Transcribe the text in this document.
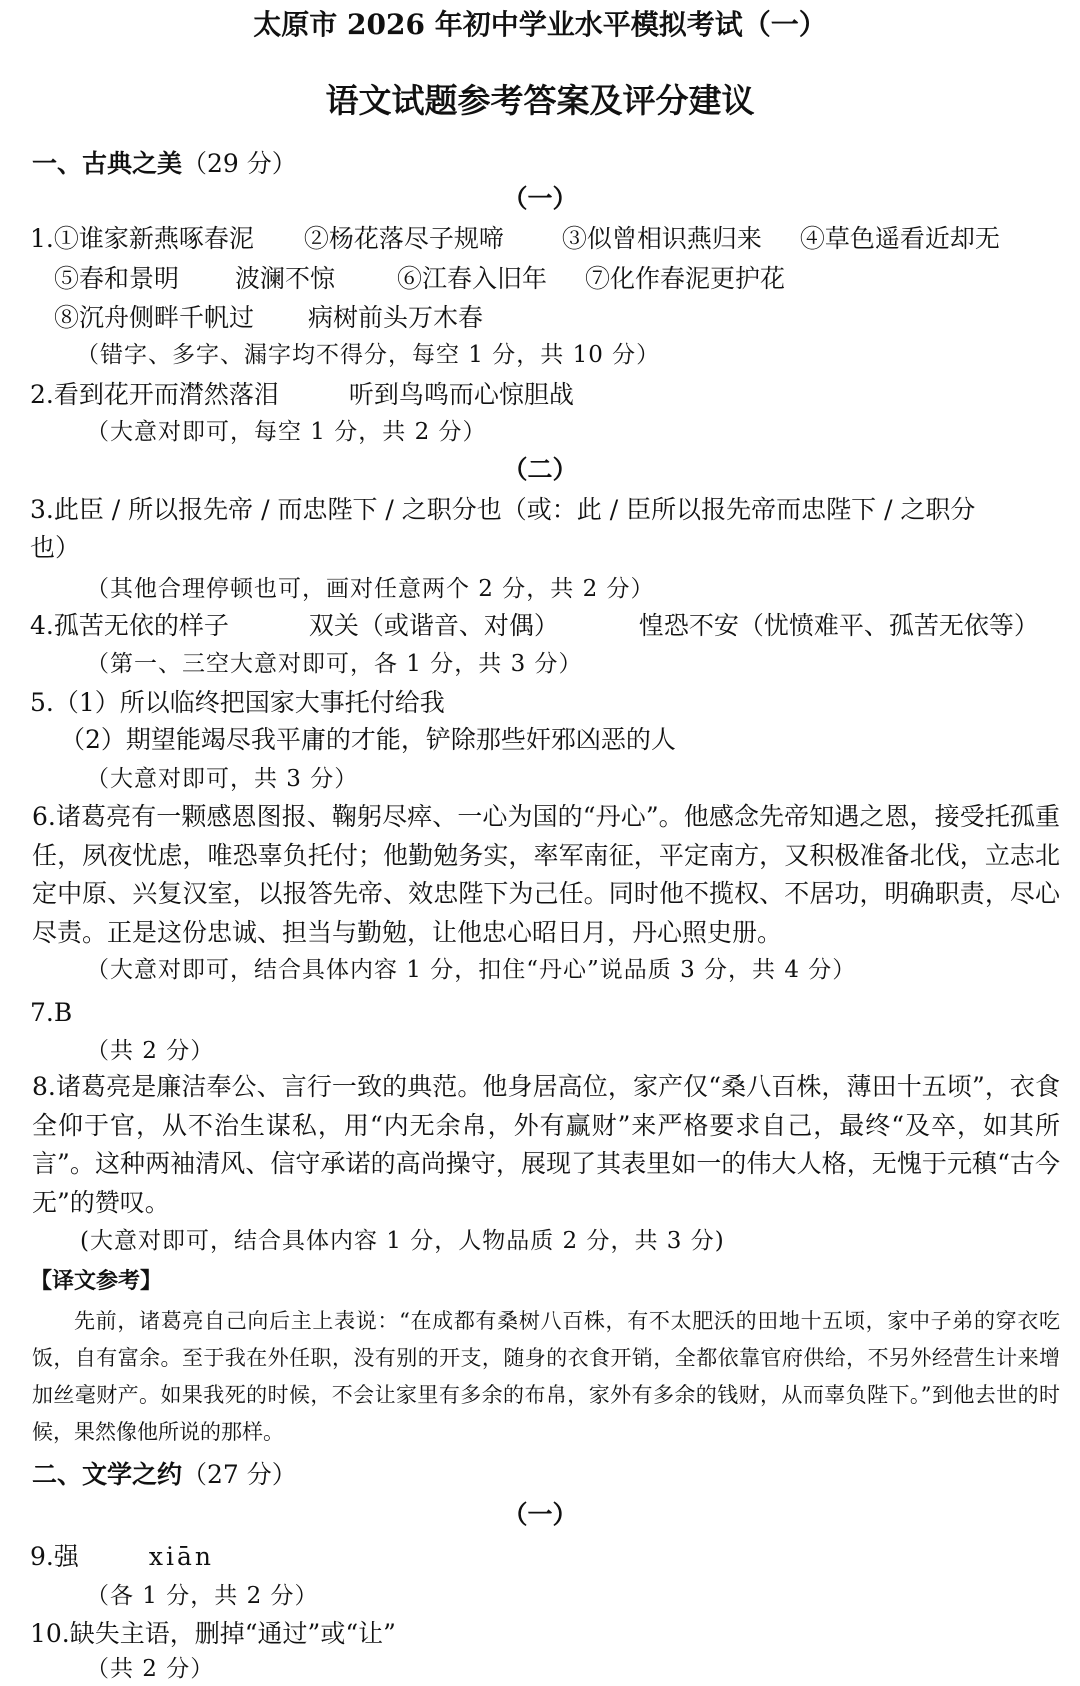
太原市 2026 年初中学业水平模拟考试（一）
语文试题参考答案及评分建议
一、古典之美（29 分）
（一）
1.①谁家新燕啄春泥 ②杨花落尽子规啼 ③似曾相识燕归来 ④草色遥看近却无
⑤春和景明 波澜不惊 ⑥江春入旧年 ⑦化作春泥更护花
⑧沉舟侧畔千帆过 病树前头万木春
（错字、多字、漏字均不得分，每空 1 分，共 10 分）
2.看到花开而潸然落泪	听到鸟鸣而心惊胆战
（大意对即可，每空 1 分，共 2 分）
（二）
3.此臣 / 所以报先帝 / 而忠陛下 / 之职分也（或：此 / 臣所以报先帝而忠陛下 / 之职分
也）
（其他合理停顿也可，画对任意两个 2 分，共 2 分）
4.孤苦无依的样子	双关（或谐音、对偶）	惶恐不安（忧愤难平、孤苦无依等）
（第一、三空大意对即可，各 1 分，共 3 分）
5.（1）所以临终把国家大事托付给我
（2）期望能竭尽我平庸的才能，铲除那些奸邪凶恶的人
（大意对即可，共 3 分）
6.诸葛亮有一颗感恩图报、鞠躬尽瘁、一心为国的“丹心”。他感念先帝知遇之恩，接受托孤重任，夙夜忧虑，唯恐辜负托付；他勤勉务实，率军南征，平定南方，又积极准备北伐，立志北定中原、兴复汉室，以报答先帝、效忠陛下为己任。同时他不揽权、不居功，明确职责，尽心尽责。正是这份忠诚、担当与勤勉，让他忠心昭日月，丹心照史册。
（大意对即可，结合具体内容 1 分，扣住“丹心”说品质 3 分，共 4 分）
7.B
（共 2 分）
8.诸葛亮是廉洁奉公、言行一致的典范。他身居高位，家产仅“桑八百株，薄田十五顷”，衣食全仰于官，从不治生谋私，用“内无余帛，外有赢财”来严格要求自己，最终“及卒，如其所言”。这种两袖清风、信守承诺的高尚操守，展现了其表里如一的伟大人格，无愧于元稹“古今无”的赞叹。
(大意对即可，结合具体内容 1 分，人物品质 2 分，共 3 分)
【译文参考】
先前，诸葛亮自己向后主上表说：“在成都有桑树八百株，有不太肥沃的田地十五顷，家中子弟的穿衣吃饭，自有富余。至于我在外任职，没有别的开支，随身的衣食开销，全都依靠官府供给，不另外经营生计来增加丝毫财产。如果我死的时候，不会让家里有多余的布帛，家外有多余的钱财，从而辜负陛下。”到他去世的时候，果然像他所说的那样。
二、文学之约（27 分）
（一）
9.强	xiān
（各 1 分，共 2 分）
10.缺失主语，删掉“通过”或“让”
（共 2 分）
